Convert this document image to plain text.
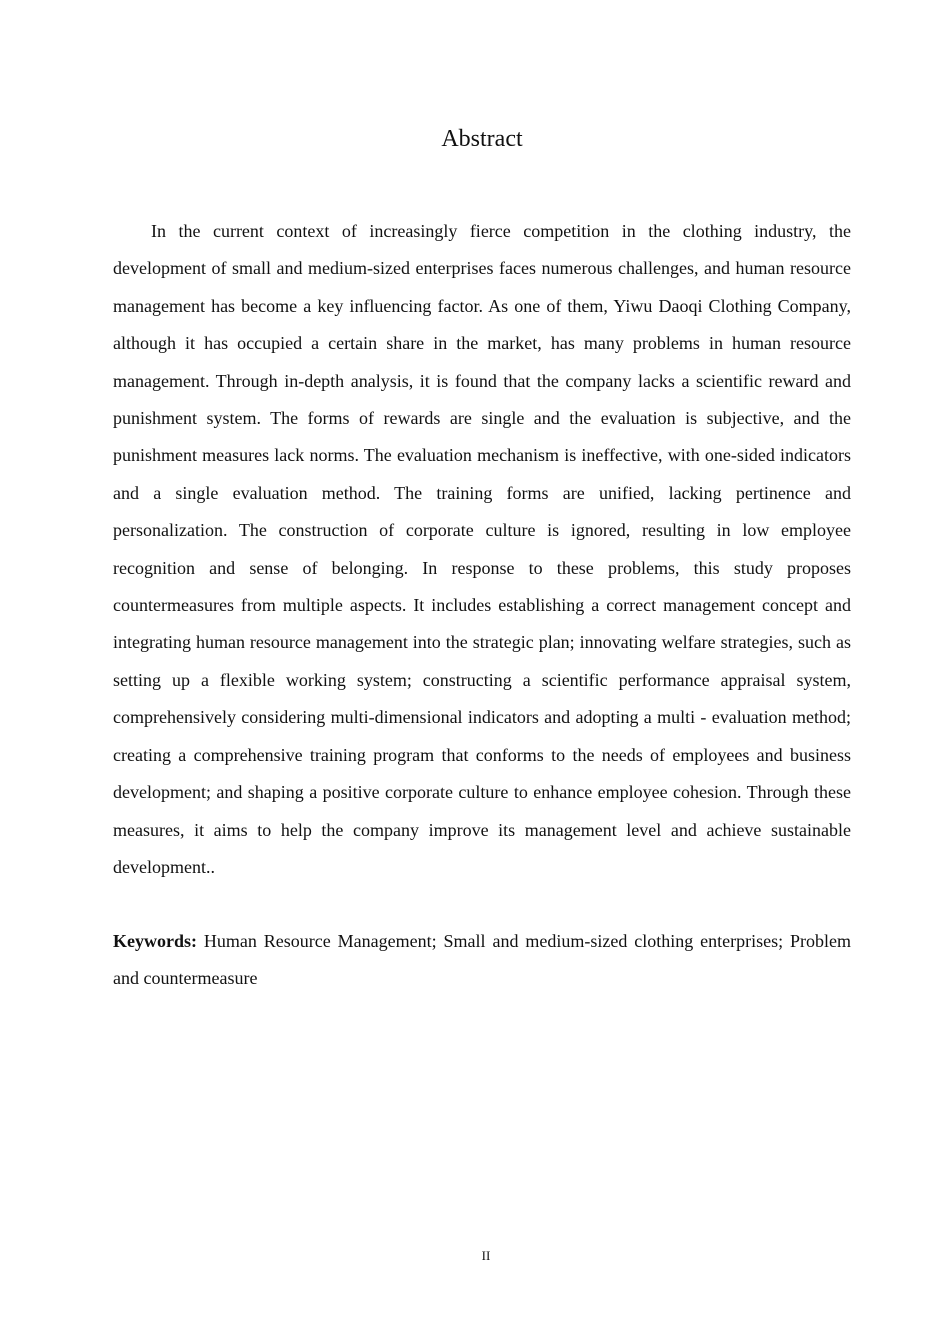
Abstract

In the current context of increasingly fierce competition in the clothing industry, the development of small and medium-sized enterprises faces numerous challenges, and human resource management has become a key influencing factor. As one of them, Yiwu Daoqi Clothing Company, although it has occupied a certain share in the market, has many problems in human resource management. Through in-depth analysis, it is found that the company lacks a scientific reward and punishment system. The forms of rewards are single and the evaluation is subjective, and the punishment measures lack norms. The evaluation mechanism is ineffective, with one-sided indicators and a single evaluation method. The training forms are unified, lacking pertinence and personalization. The construction of corporate culture is ignored, resulting in low employee recognition and sense of belonging. In response to these problems, this study proposes countermeasures from multiple aspects. It includes establishing a correct management concept and integrating human resource management into the strategic plan; innovating welfare strategies, such as setting up a flexible working system; constructing a scientific performance appraisal system, comprehensively considering multi-dimensional indicators and adopting a multi - evaluation method; creating a comprehensive training program that conforms to the needs of employees and business development; and shaping a positive corporate culture to enhance employee cohesion. Through these measures, it aims to help the company improve its management level and achieve sustainable development..

Keywords: Human Resource Management; Small and medium-sized clothing enterprises; Problem and countermeasure

II
